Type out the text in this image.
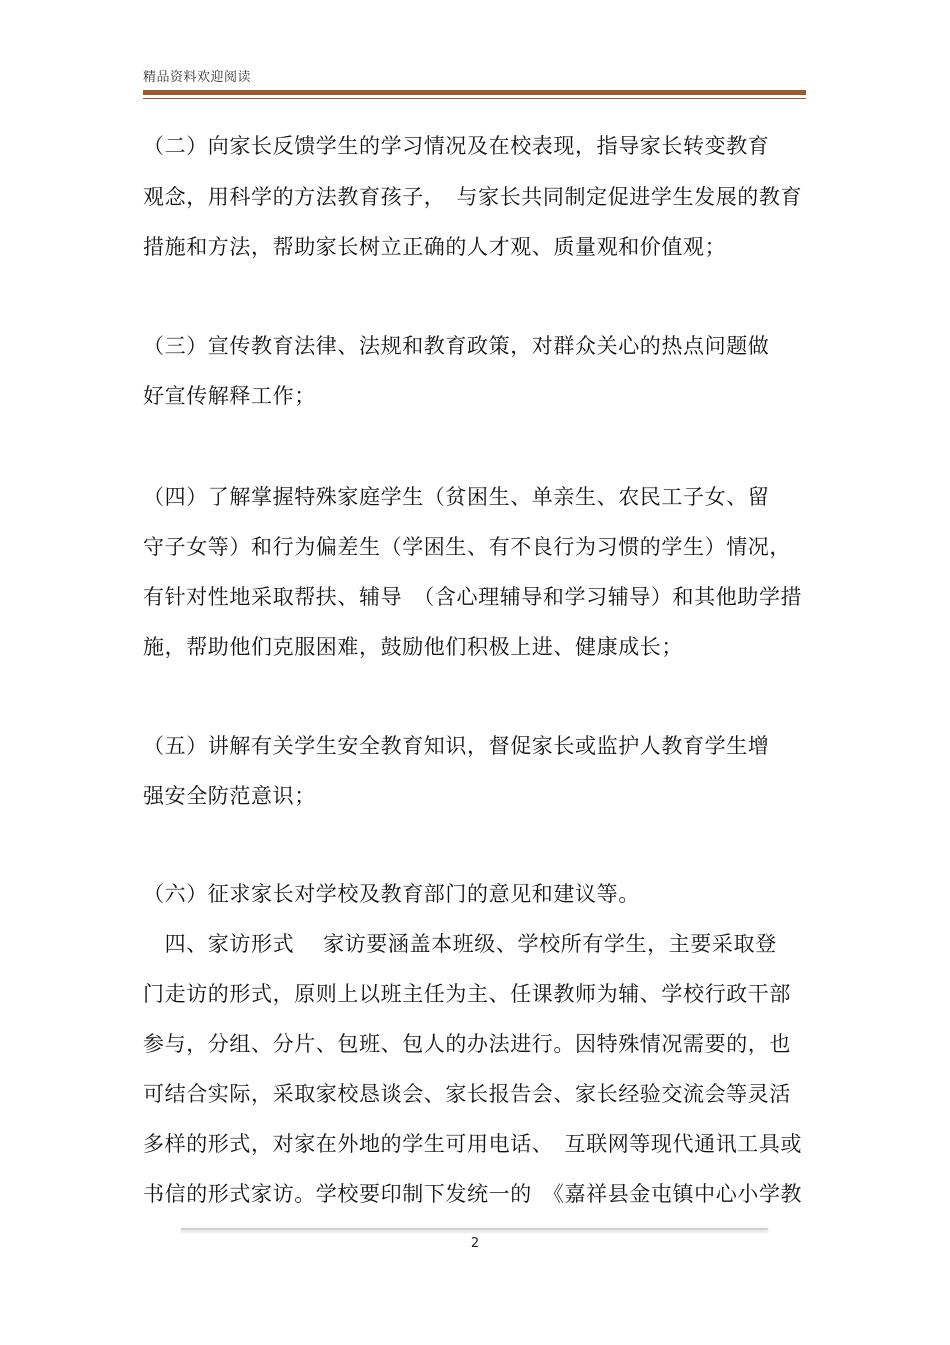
精品资料欢迎阅读

（二）向家长反馈学生的学习情况及在校表现，指导家长转变教育

观念，用科学的方法教育孩子，　与家长共同制定促进学生发展的教育

措施和方法，帮助家长树立正确的人才观、质量观和价值观；

（三）宣传教育法律、法规和教育政策，对群众关心的热点问题做

好宣传解释工作；

（四）了解掌握特殊家庭学生（贫困生、单亲生、农民工子女、留

守子女等）和行为偏差生（学困生、有不良行为习惯的学生）情况，

有针对性地采取帮扶、辅导　（含心理辅导和学习辅导）和其他助学措

施，帮助他们克服困难，鼓励他们积极上进、健康成长；

（五）讲解有关学生安全教育知识，督促家长或监护人教育学生增

强安全防范意识；

（六）征求家长对学校及教育部门的意见和建议等。

　四、家访形式　 家访要涵盖本班级、学校所有学生，主要采取登

门走访的形式，原则上以班主任为主、任课教师为辅、学校行政干部

参与，分组、分片、包班、包人的办法进行。因特殊情况需要的，也

可结合实际，采取家校恳谈会、家长报告会、家长经验交流会等灵活

多样的形式，对家在外地的学生可用电话、　互联网等现代通讯工具或

书信的形式家访。学校要印制下发统一的　《嘉祥县金屯镇中心小学教

2
